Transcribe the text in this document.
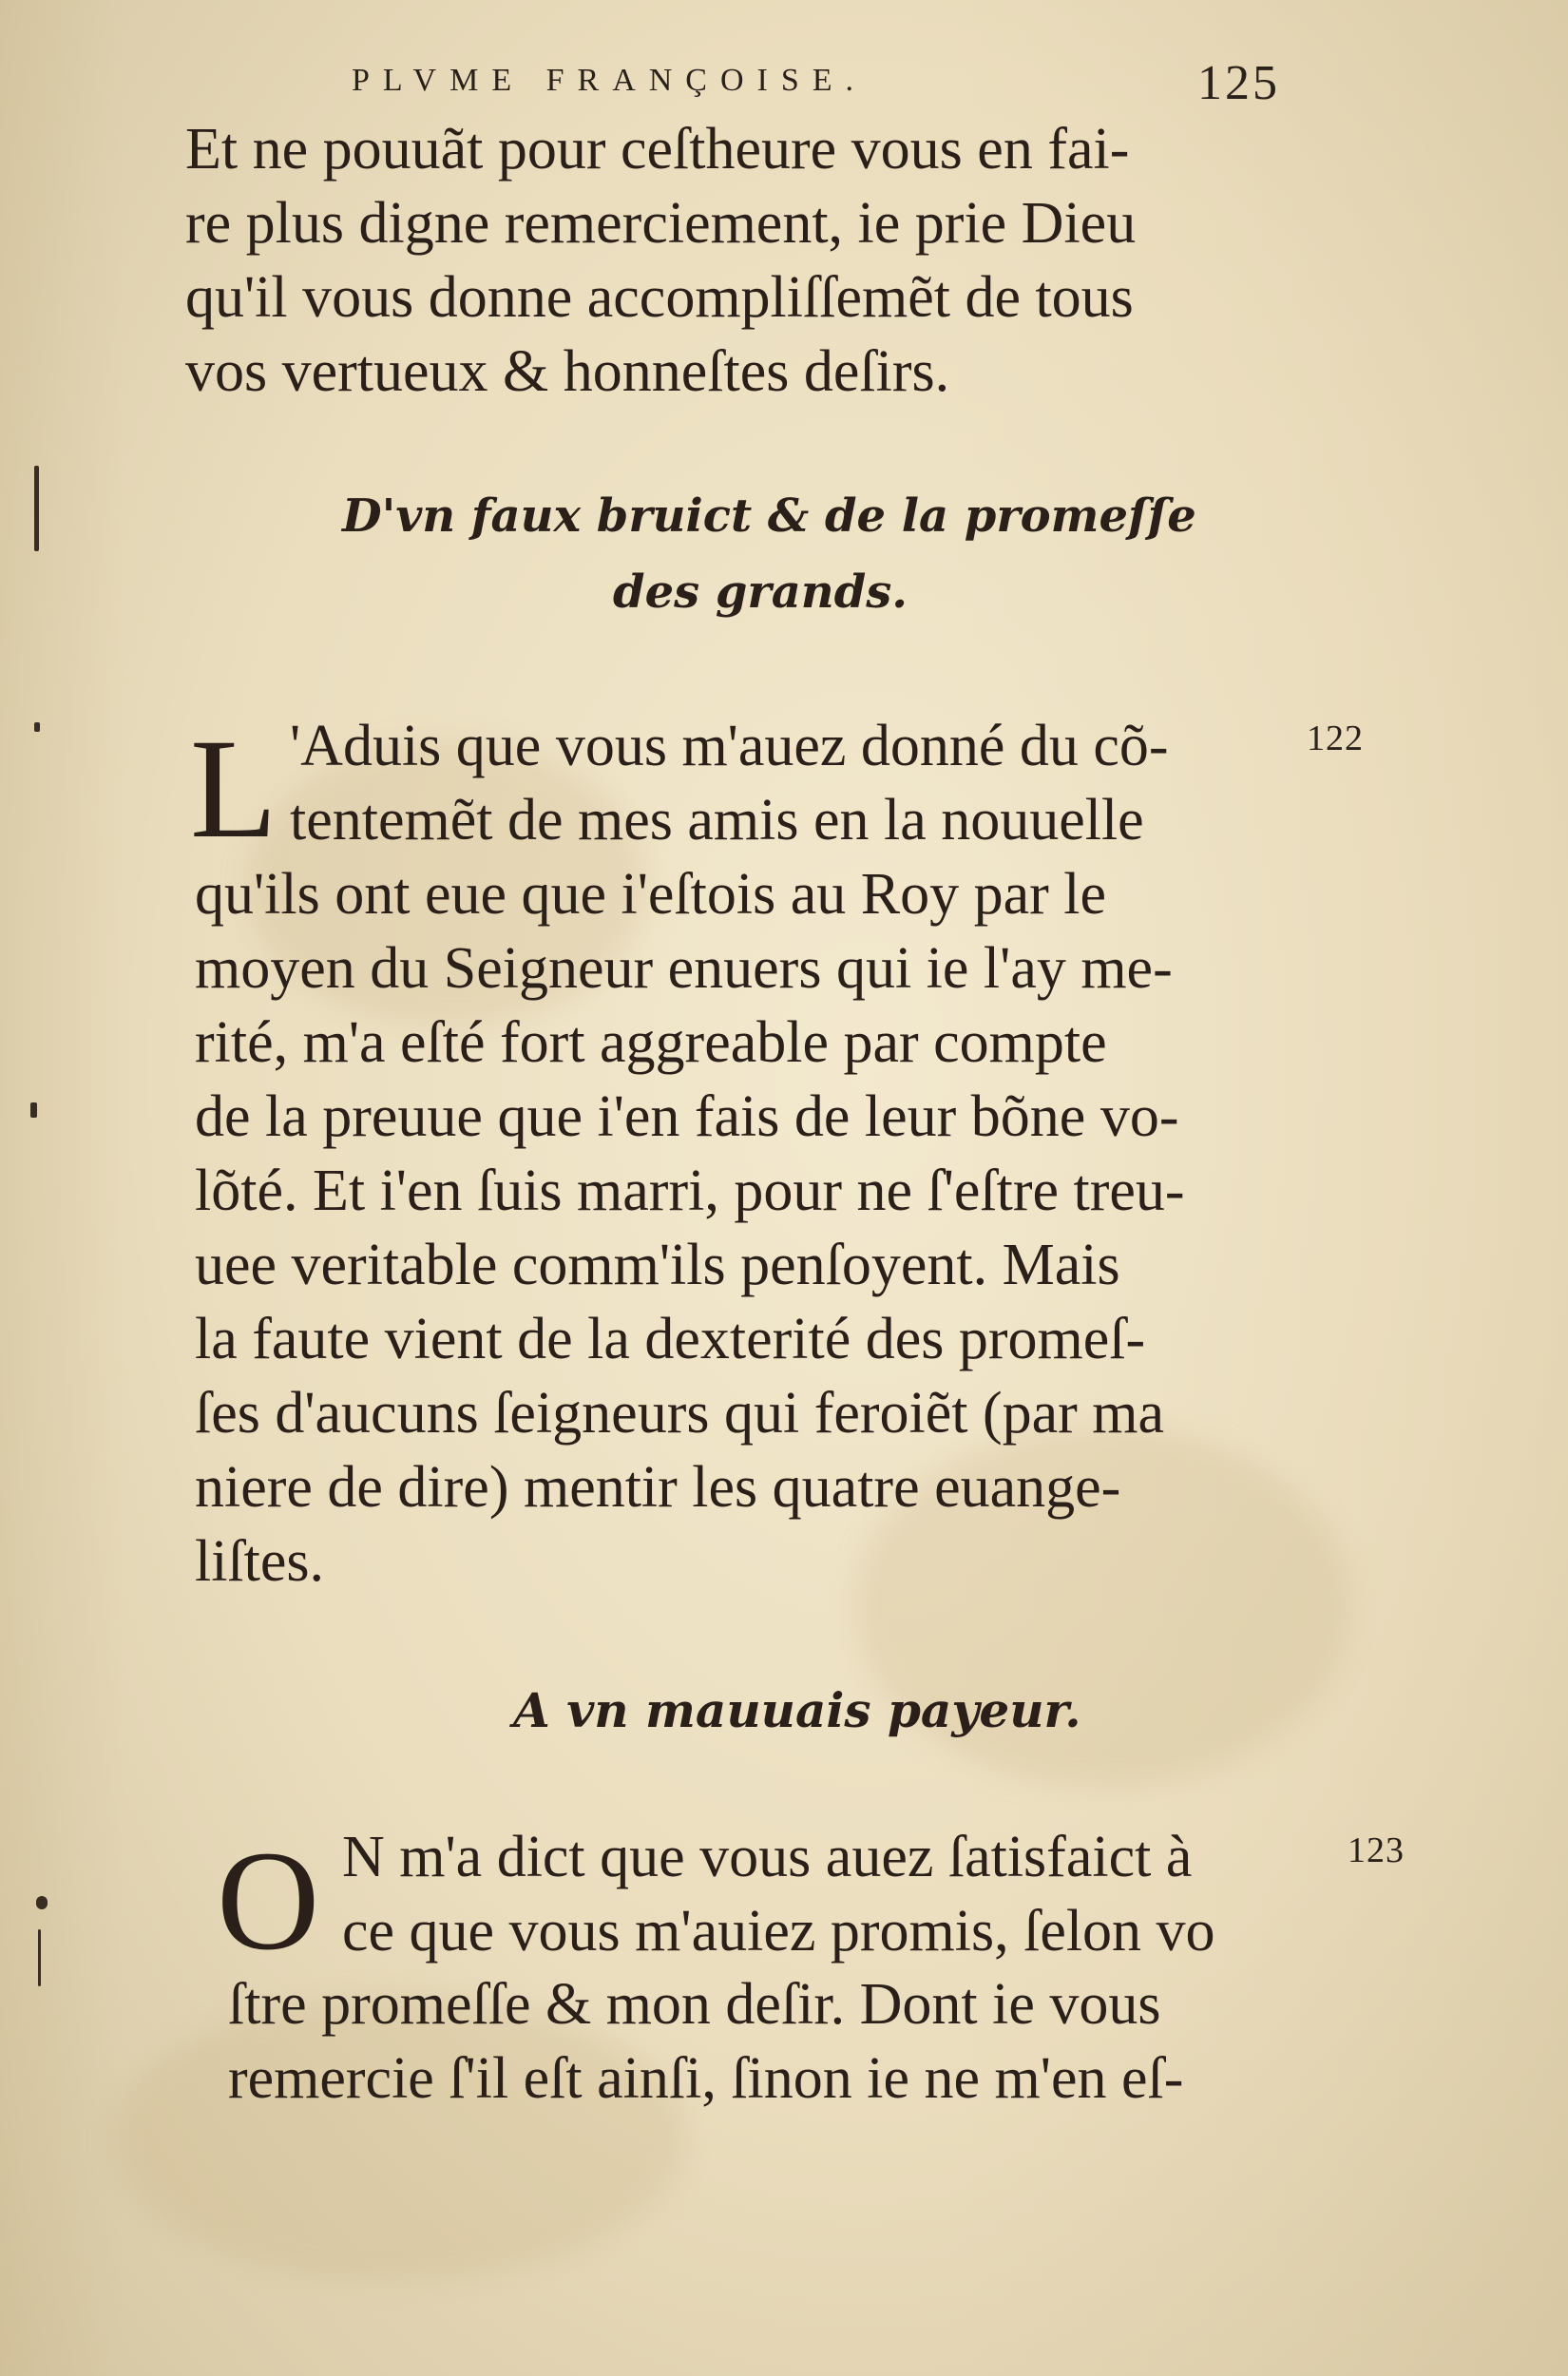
PLVME FRANÇOISE.	125
Et ne pouuãt pour ceſtheure vous en fai-
re plus digne remerciement, ie prie Dieu
qu'il vous donne accompliſſemẽt de tous
vos vertueux & honneſtes deſirs.
D'vn faux bruict & de la promeſſe
des grands.
L	122
'Aduis que vous m'auez donné du cõ-
tentemẽt de mes amis en la nouuelle
qu'ils ont eue que i'eſtois au Roy par le
moyen du Seigneur enuers qui ie l'ay me-
rité, m'a eſté fort aggreable par compte
de la preuue que i'en fais de leur bõne vo-
lõté. Et i'en ſuis marri, pour ne ſ'eſtre treu-
uee veritable comm'ils penſoyent. Mais
la faute vient de la dexterité des promeſ-
ſes d'aucuns ſeigneurs qui feroiẽt (par ma
niere de dire) mentir les quatre euange-
liſtes.
A vn mauuais payeur.
O	123
N m'a dict que vous auez ſatisfaict à
ce que vous m'auiez promis, ſelon vo
ſtre promeſſe & mon deſir. Dont ie vous
remercie ſ'il eſt ainſi, ſinon ie ne m'en eſ-
